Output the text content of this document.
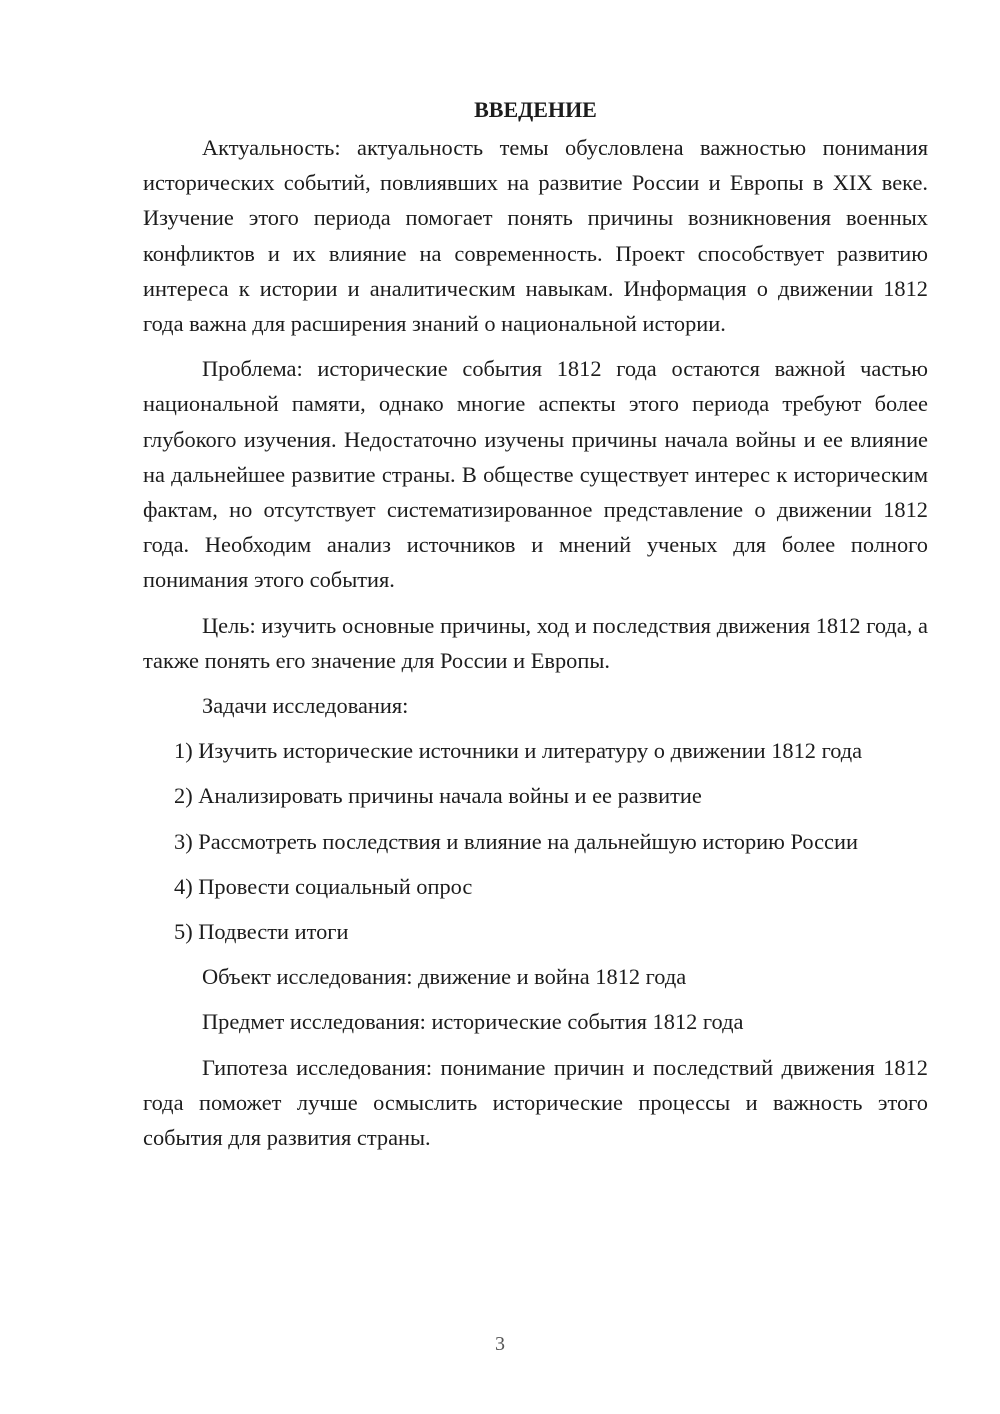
ВВЕДЕНИЕ

Актуальность: актуальность темы обусловлена важностью понимания исторических событий, повлиявших на развитие России и Европы в XIX веке. Изучение этого периода помогает понять причины возникновения военных конфликтов и их влияние на современность. Проект способствует развитию интереса к истории и аналитическим навыкам. Информация о движении 1812 года важна для расширения знаний о национальной истории.

Проблема: исторические события 1812 года остаются важной частью национальной памяти, однако многие аспекты этого периода требуют более глубокого изучения. Недостаточно изучены причины начала войны и ее влияние на дальнейшее развитие страны. В обществе существует интерес к историческим фактам, но отсутствует систематизированное представление о движении 1812 года. Необходим анализ источников и мнений ученых для более полного понимания этого события.

Цель: изучить основные причины, ход и последствия движения 1812 года, а также понять его значение для России и Европы.

Задачи исследования:

1) Изучить исторические источники и литературу о движении 1812 года

2) Анализировать причины начала войны и ее развитие

3) Рассмотреть последствия и влияние на дальнейшую историю России

4) Провести социальный опрос

5) Подвести итоги

Объект исследования: движение и война 1812 года

Предмет исследования: исторические события 1812 года

Гипотеза исследования: понимание причин и последствий движения 1812 года поможет лучше осмыслить исторические процессы и важность этого события для развития страны.

3
